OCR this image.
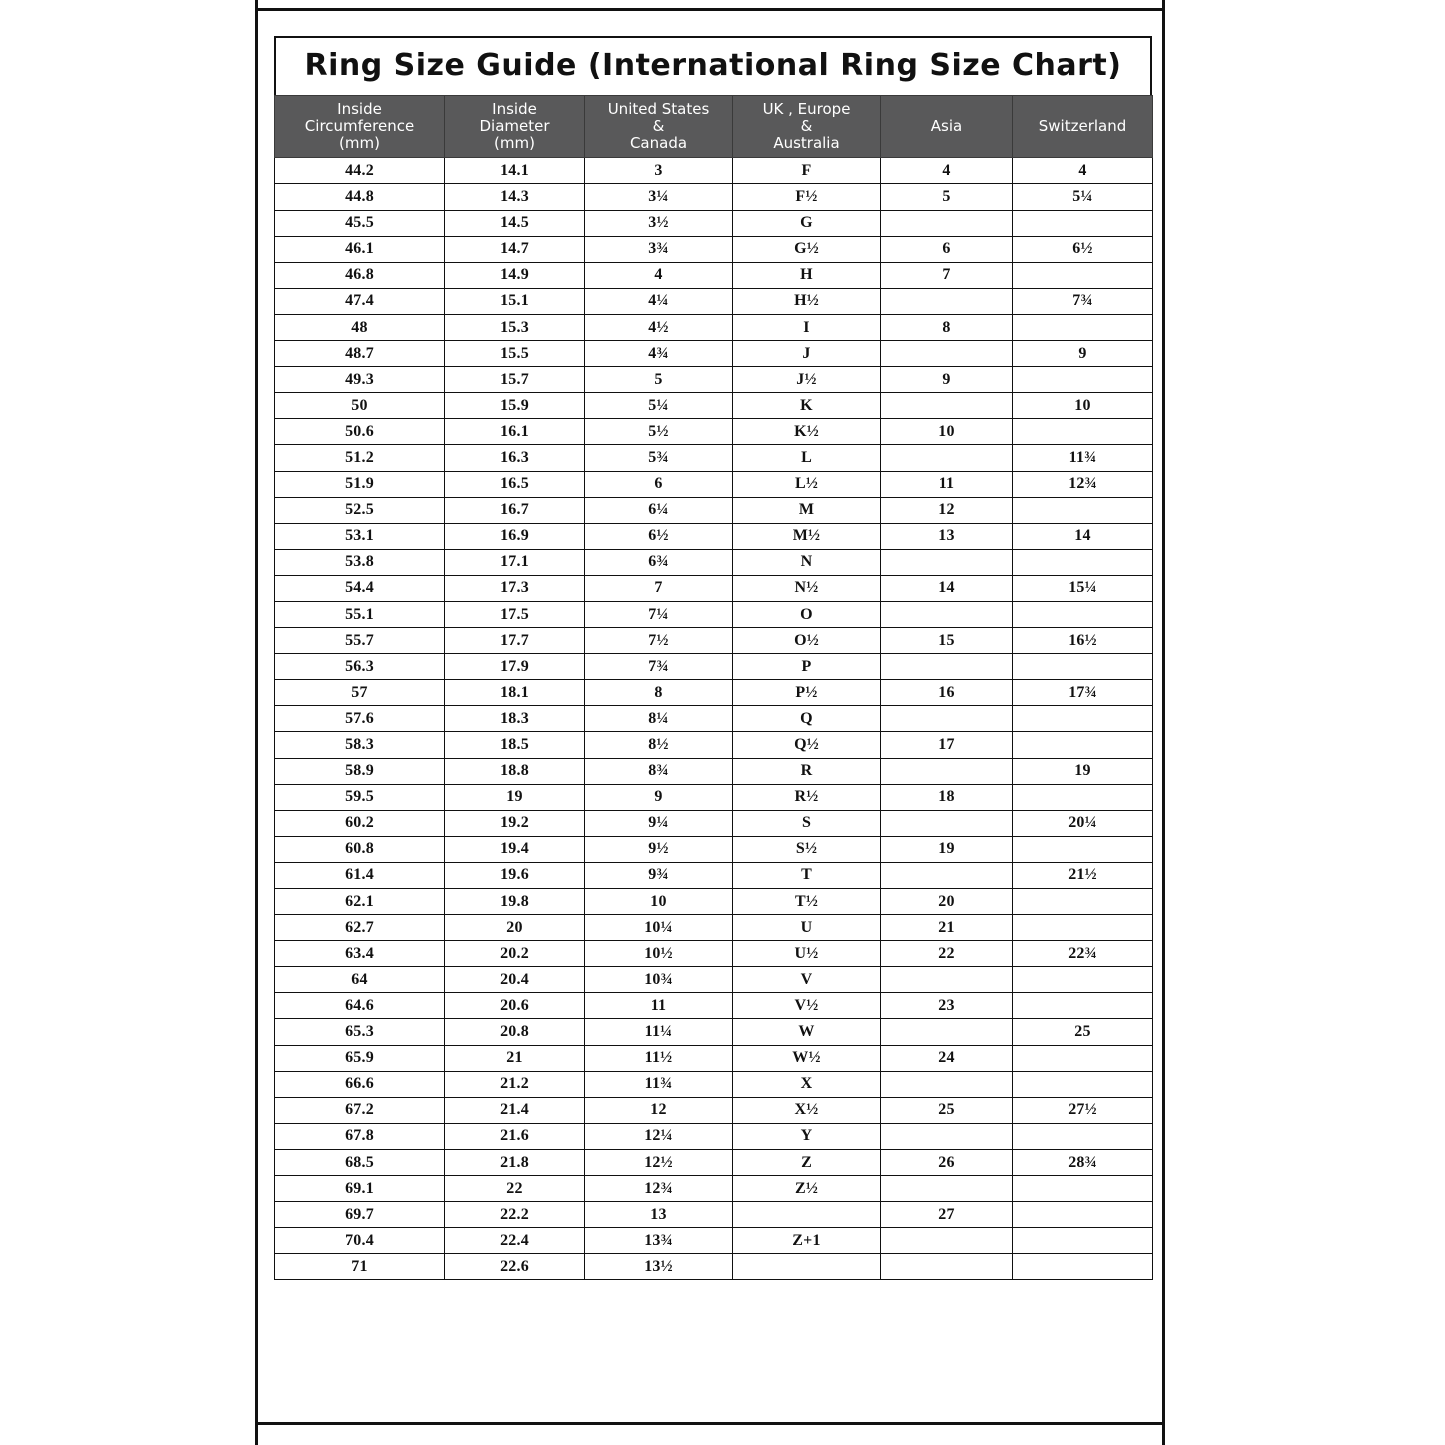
Ring Size Guide (International Ring Size Chart)
Inside
Circumference
(mm)

Inside
Diameter
(mm)

United States
&
Canada

UK , Europe
&
Australia

Asia	Switzerland

44.2	14.1	3	F	4	4
44.8	14.3	3¼	F½	5	5¼
45.5	14.5	3½	G		
46.1	14.7	3¾	G½	6	6½
46.8	14.9	4	H	7	
47.4	15.1	4¼	H½		7¾
48	15.3	4½	I	8	
48.7	15.5	4¾	J		9
49.3	15.7	5	J½	9	
50	15.9	5¼	K		10
50.6	16.1	5½	K½	10	
51.2	16.3	5¾	L		11¾
51.9	16.5	6	L½	11	12¾
52.5	16.7	6¼	M	12	
53.1	16.9	6½	M½	13	14
53.8	17.1	6¾	N		
54.4	17.3	7	N½	14	15¼
55.1	17.5	7¼	O		
55.7	17.7	7½	O½	15	16½
56.3	17.9	7¾	P		
57	18.1	8	P½	16	17¾
57.6	18.3	8¼	Q		
58.3	18.5	8½	Q½	17	
58.9	18.8	8¾	R		19
59.5	19	9	R½	18	
60.2	19.2	9¼	S		20¼
60.8	19.4	9½	S½	19	
61.4	19.6	9¾	T		21½
62.1	19.8	10	T½	20	
62.7	20	10¼	U	21	
63.4	20.2	10½	U½	22	22¾
64	20.4	10¾	V		
64.6	20.6	11	V½	23	
65.3	20.8	11¼	W		25
65.9	21	11½	W½	24	
66.6	21.2	11¾	X		
67.2	21.4	12	X½	25	27½
67.8	21.6	12¼	Y		
68.5	21.8	12½	Z	26	28¾
69.1	22	12¾	Z½		
69.7	22.2	13		27	
70.4	22.4	13¾	Z+1		
71	22.6	13½			
